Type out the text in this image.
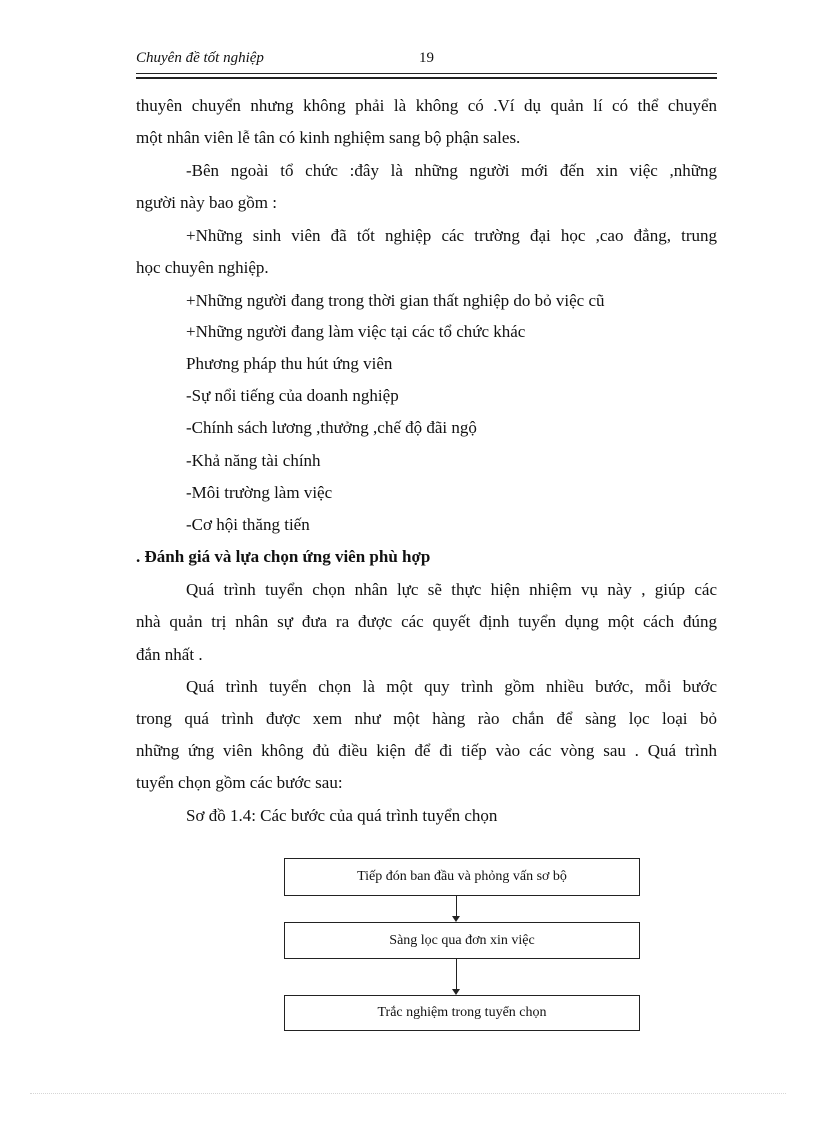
Chuyên đề tốt nghiệp	19
thuyên chuyển nhưng không phải là không có .Ví dụ quản lí có thể chuyển
một nhân viên lễ tân có kinh nghiệm sang bộ phận sales.
-Bên ngoài tổ chức :đây là những người mới đến xin việc ,những
người này bao gồm :
+Những sinh viên đã tốt nghiệp các trường đại học ,cao đẳng, trung
học chuyên nghiệp.
+Những người đang trong thời gian thất nghiệp do bỏ việc cũ
+Những người đang làm việc tại các tổ chức khác
Phương pháp thu hút ứng viên
-Sự nổi tiếng của doanh nghiệp
-Chính sách lương ,thưởng ,chế độ đãi ngộ
-Khả năng tài chính
-Môi trường làm việc
-Cơ hội thăng tiến
. Đánh giá và lựa chọn ứng viên phù hợp
Quá trình tuyển chọn nhân lực sẽ thực hiện nhiệm vụ này , giúp các
nhà quản trị nhân sự đưa ra được các quyết định tuyển dụng một cách đúng
đắn nhất .
Quá trình tuyển chọn là một quy trình gồm nhiều bước, mỗi bước
trong quá trình được xem như một hàng rào chắn để sàng lọc loại bỏ
những ứng viên không đủ điều kiện để đi tiếp vào các vòng sau . Quá trình
tuyển chọn gồm các bước sau:
Sơ đồ 1.4: Các bước của quá trình tuyển chọn
Tiếp đón ban đầu và phỏng vấn sơ bộ
Sàng lọc qua đơn xin việc
Trắc nghiệm trong tuyển chọn
